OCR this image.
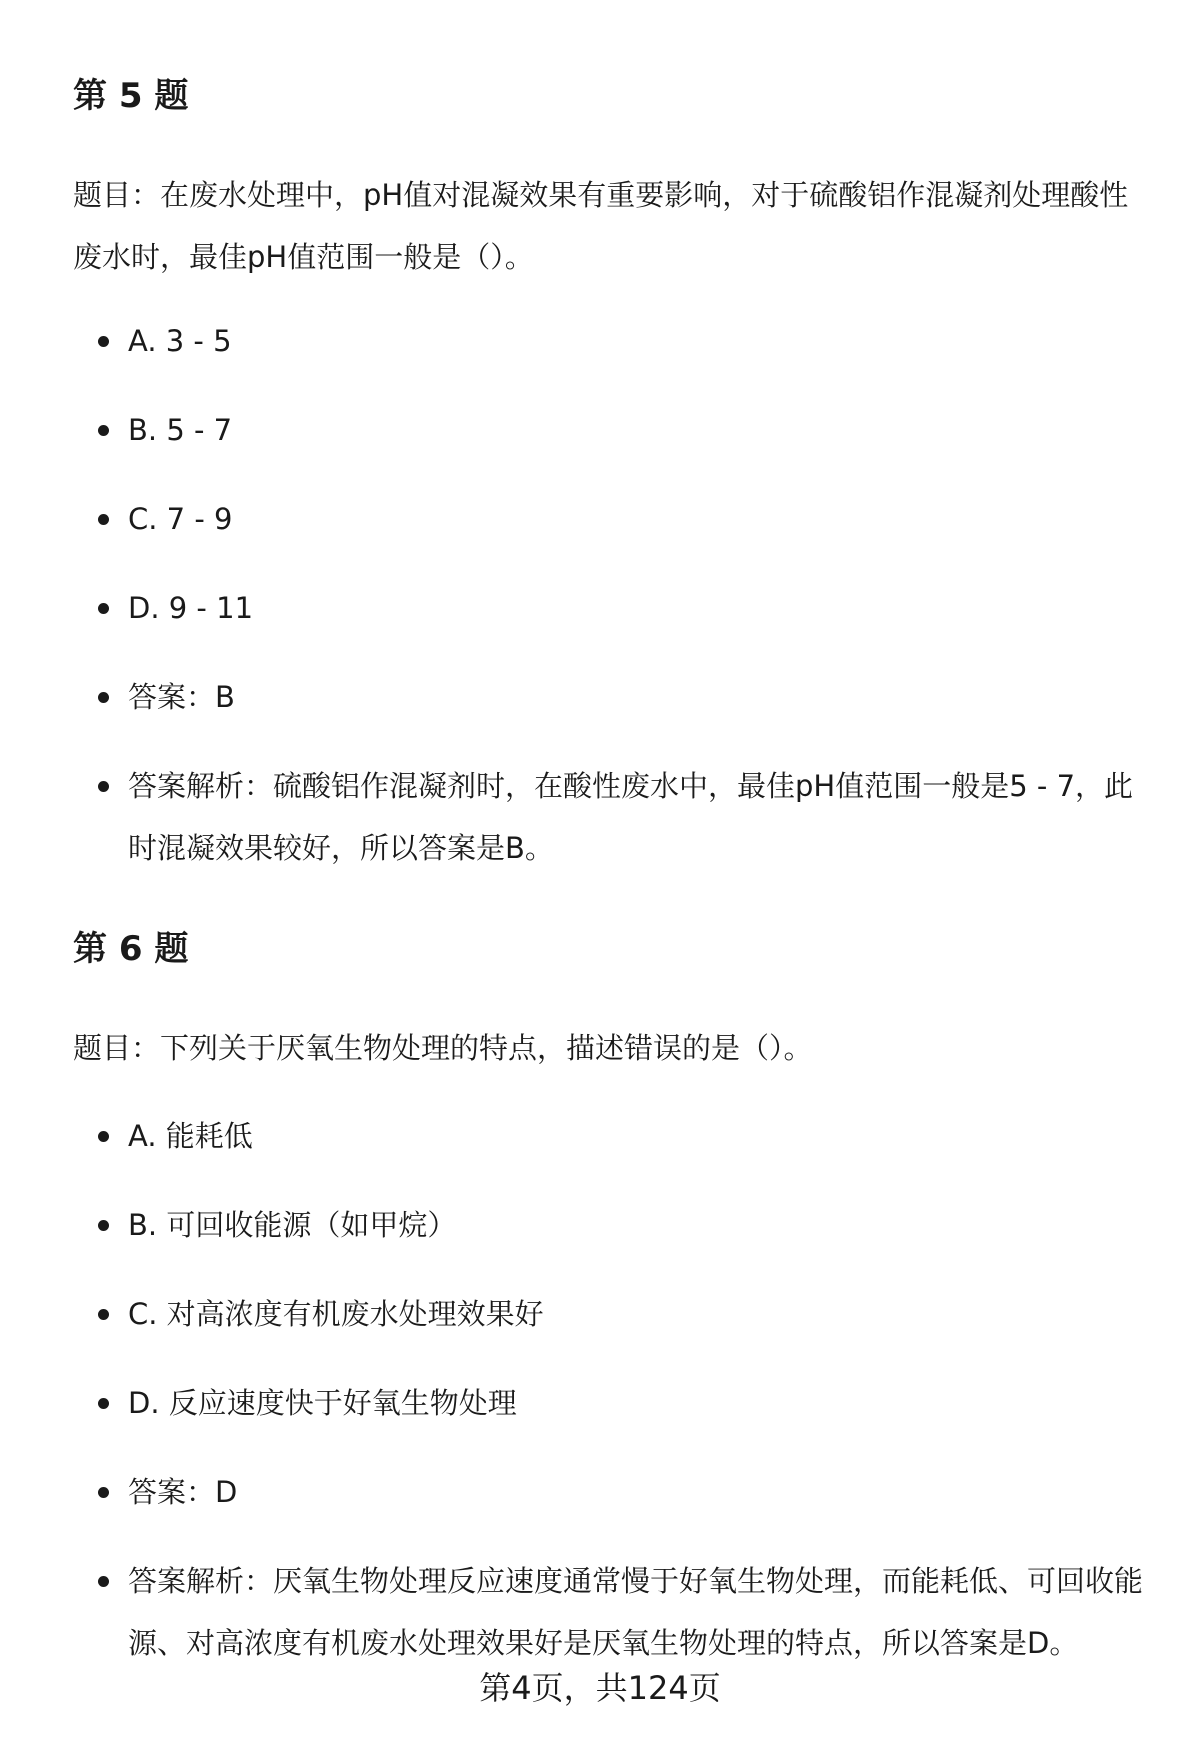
第 5 题

题目：在废水处理中，pH值对混凝效果有重要影响，对于硫酸铝作混凝剂处理酸性废水时，最佳pH值范围一般是（）。

A. 3 - 5
B. 5 - 7
C. 7 - 9
D. 9 - 11
答案：B
答案解析：硫酸铝作混凝剂时，在酸性废水中，最佳pH值范围一般是5 - 7，此时混凝效果较好，所以答案是B。
第 6 题

题目：下列关于厌氧生物处理的特点，描述错误的是（）。

A. 能耗低
B. 可回收能源（如甲烷）
C. 对高浓度有机废水处理效果好
D. 反应速度快于好氧生物处理
答案：D
答案解析：厌氧生物处理反应速度通常慢于好氧生物处理，而能耗低、可回收能源、对高浓度有机废水处理效果好是厌氧生物处理的特点，所以答案是D。
第4页，共124页
